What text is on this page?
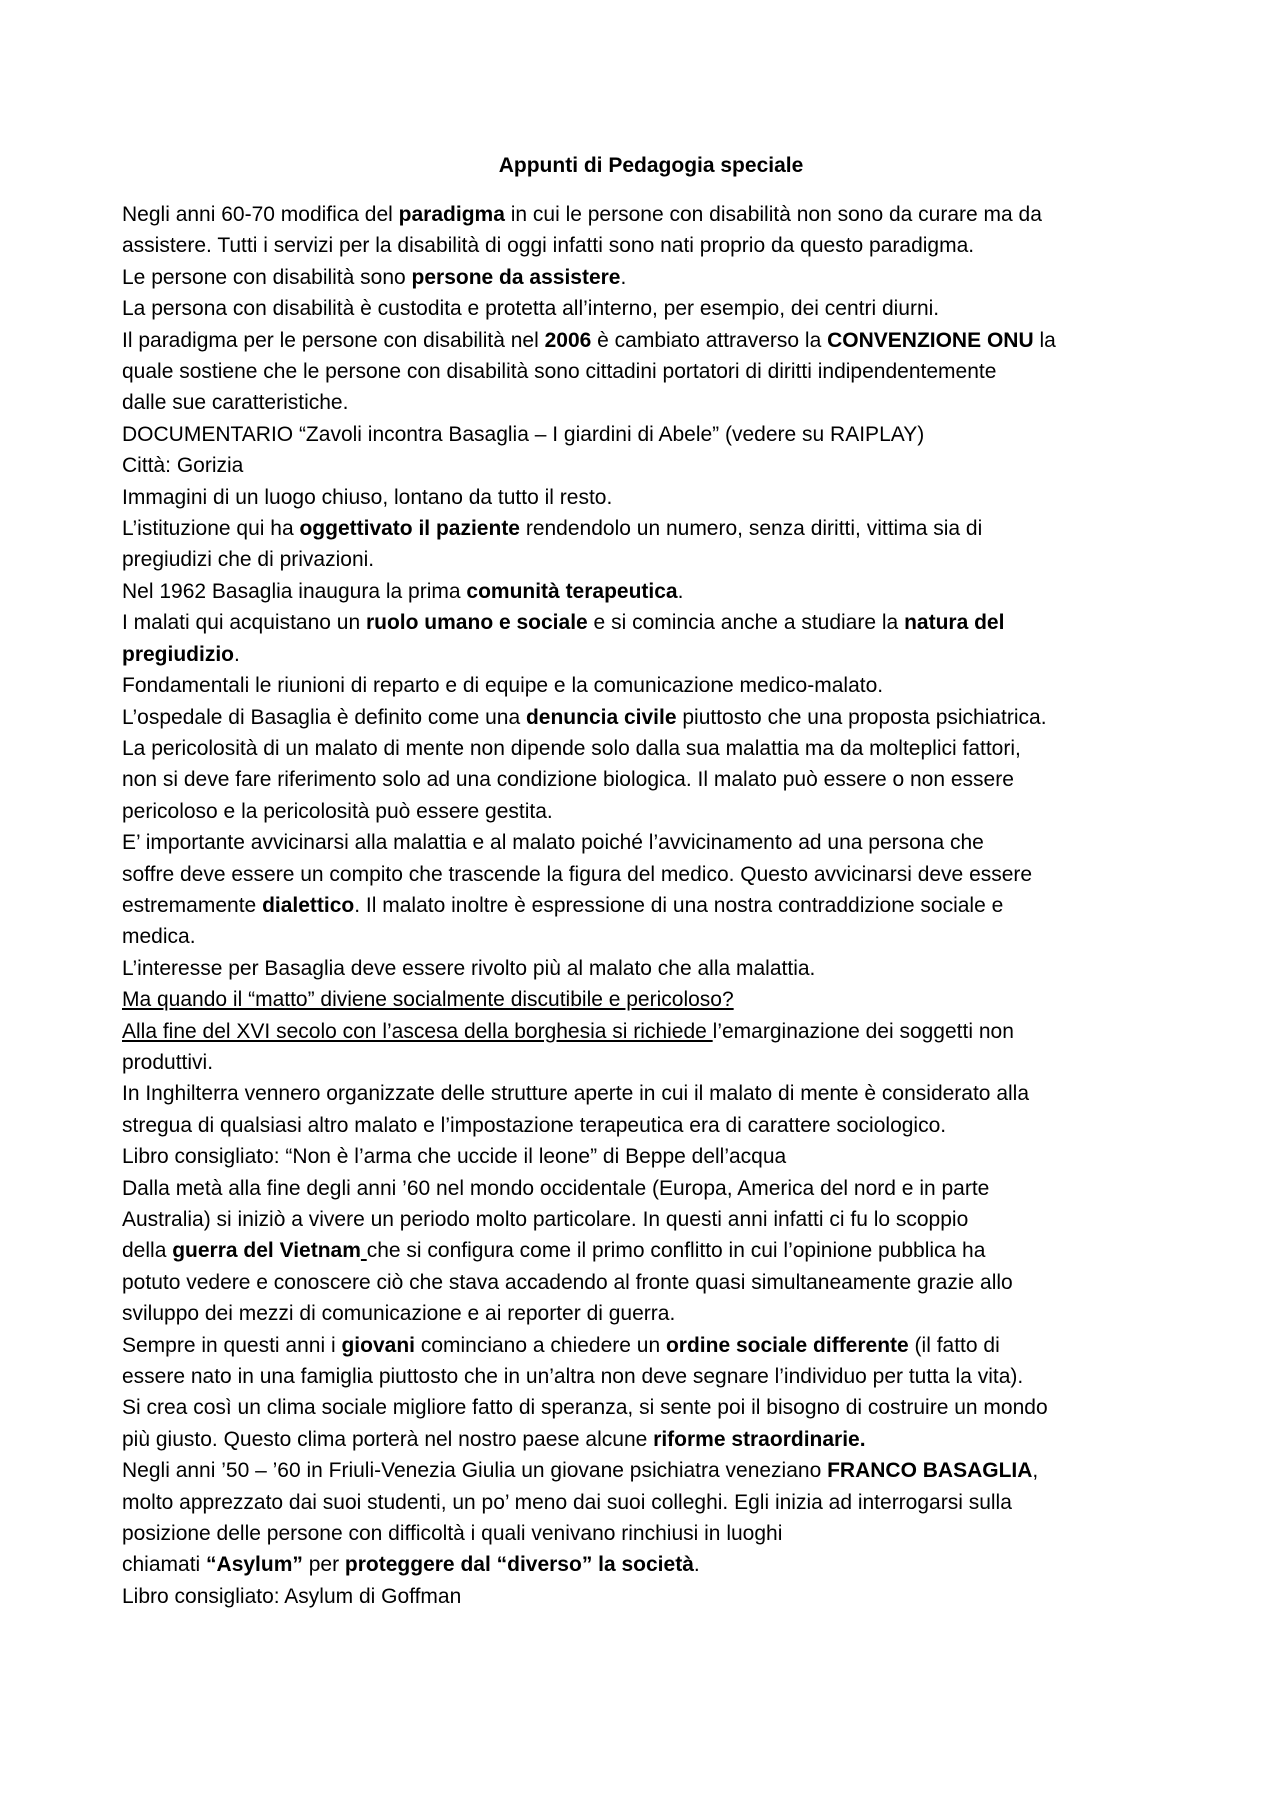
Appunti di Pedagogia speciale
Negli anni 60-70 modifica del paradigma in cui le persone con disabilità non sono da curare ma da
assistere. Tutti i servizi per la disabilità di oggi infatti sono nati proprio da questo paradigma.
Le persone con disabilità sono persone da assistere.
La persona con disabilità è custodita e protetta all’interno, per esempio, dei centri diurni.
Il paradigma per le persone con disabilità nel 2006 è cambiato attraverso la CONVENZIONE ONU la
quale sostiene che le persone con disabilità sono cittadini portatori di diritti indipendentemente
dalle sue caratteristiche.
DOCUMENTARIO “Zavoli incontra Basaglia – I giardini di Abele” (vedere su RAIPLAY)
Città: Gorizia
Immagini di un luogo chiuso, lontano da tutto il resto.
L’istituzione qui ha oggettivato il paziente rendendolo un numero, senza diritti, vittima sia di
pregiudizi che di privazioni.
Nel 1962 Basaglia inaugura la prima comunità terapeutica.
I malati qui acquistano un ruolo umano e sociale e si comincia anche a studiare la natura del
pregiudizio.
Fondamentali le riunioni di reparto e di equipe e la comunicazione medico-malato.
L’ospedale di Basaglia è definito come una denuncia civile piuttosto che una proposta psichiatrica.
La pericolosità di un malato di mente non dipende solo dalla sua malattia ma da molteplici fattori,
non si deve fare riferimento solo ad una condizione biologica. Il malato può essere o non essere
pericoloso e la pericolosità può essere gestita.
E’ importante avvicinarsi alla malattia e al malato poiché l’avvicinamento ad una persona che
soffre deve essere un compito che trascende la figura del medico. Questo avvicinarsi deve essere
estremamente dialettico. Il malato inoltre è espressione di una nostra contraddizione sociale e
medica.
L’interesse per Basaglia deve essere rivolto più al malato che alla malattia.
Ma quando il “matto” diviene socialmente discutibile e pericoloso?
Alla fine del XVI secolo con l’ascesa della borghesia si richiede l’emarginazione dei soggetti non
produttivi.
In Inghilterra vennero organizzate delle strutture aperte in cui il malato di mente è considerato alla
stregua di qualsiasi altro malato e l’impostazione terapeutica era di carattere sociologico.
Libro consigliato: “Non è l’arma che uccide il leone” di Beppe dell’acqua
Dalla metà alla fine degli anni ’60 nel mondo occidentale (Europa, America del nord e in parte
Australia) si iniziò a vivere un periodo molto particolare. In questi anni infatti ci fu lo scoppio
della guerra del Vietnam che si configura come il primo conflitto in cui l’opinione pubblica ha
potuto vedere e conoscere ciò che stava accadendo al fronte quasi simultaneamente grazie allo
sviluppo dei mezzi di comunicazione e ai reporter di guerra.
Sempre in questi anni i giovani cominciano a chiedere un ordine sociale differente (il fatto di
essere nato in una famiglia piuttosto che in un’altra non deve segnare l’individuo per tutta la vita).
Si crea così un clima sociale migliore fatto di speranza, si sente poi il bisogno di costruire un mondo
più giusto. Questo clima porterà nel nostro paese alcune riforme straordinarie.
Negli anni ’50 – ’60 in Friuli-Venezia Giulia un giovane psichiatra veneziano FRANCO BASAGLIA,
molto apprezzato dai suoi studenti, un po’ meno dai suoi colleghi. Egli inizia ad interrogarsi sulla
posizione delle persone con difficoltà i quali venivano rinchiusi in luoghi
chiamati “Asylum” per proteggere dal “diverso” la società.
Libro consigliato: Asylum di Goffman
